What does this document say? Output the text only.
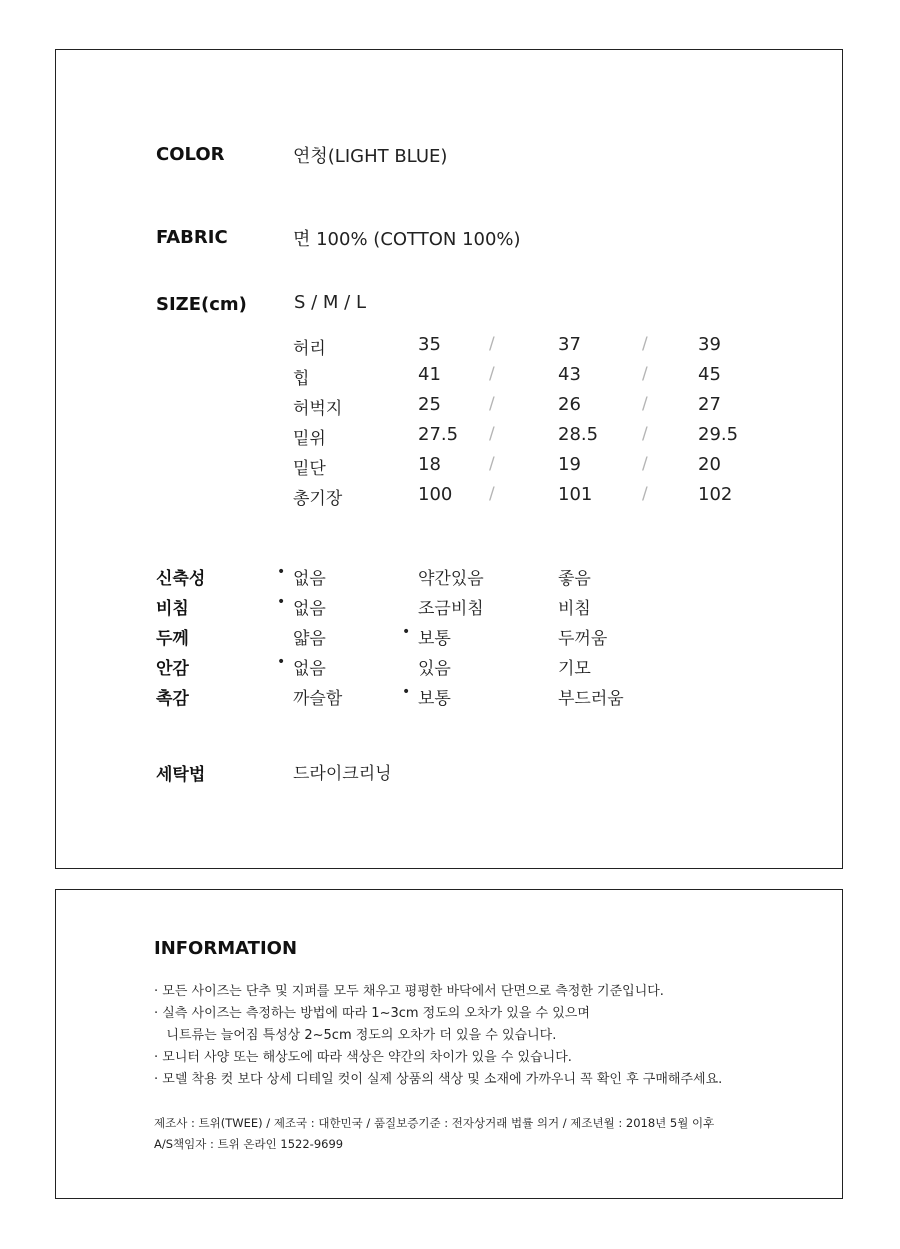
COLOR	연청(LIGHT BLUE)
FABRIC	면 100% (COTTON 100%)
SIZE(cm)	S / M / L
허리	35	/	37	/	39
힙	41	/	43	/	45
허벅지	25	/	26	/	27
밑위	27.5 /	28.5	/	29.5
밑단	18	/	19	/	20
총기장	100 /	101	/	102
신축성	없음 •	약간있음	좋음
비침	없음 •	조금비침	비침
두께	얇음	보통 •	두꺼움
안감	없음 •	있음	기모
촉감	까슬함	보통 •	부드러움
세탁법	드라이크리닝
INFORMATION
· 모든 사이즈는 단추 및 지퍼를 모두 채우고 평평한 바닥에서 단면으로 측정한 기준입니다.
· 실측 사이즈는 측정하는 방법에 따라 1~3cm 정도의 오차가 있을 수 있으며
니트류는 늘어짐 특성상 2~5cm 정도의 오차가 더 있을 수 있습니다.
· 모니터 사양 또는 해상도에 따라 색상은 약간의 차이가 있을 수 있습니다.
· 모델 착용 컷 보다 상세 디테일 컷이 실제 상품의 색상 및 소재에 가까우니 꼭 확인 후 구매해주세요.
제조사 : 트위(TWEE) / 제조국 : 대한민국 / 품질보증기준 : 전자상거래 법률 의거 / 제조년월 : 2018년 5월 이후
A/S책임자 : 트위 온라인 1522-9699
